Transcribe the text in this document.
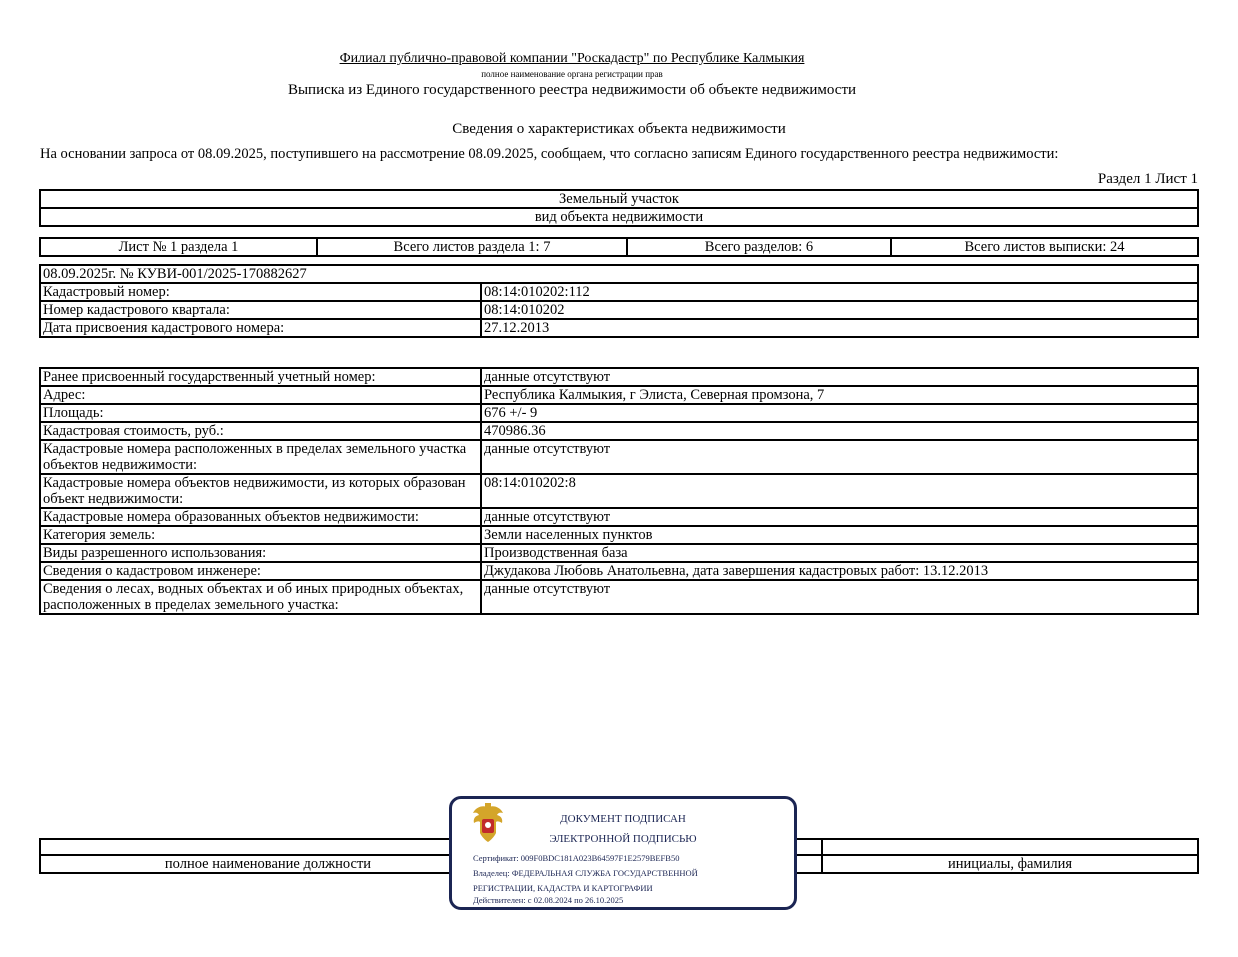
Филиал публично-правовой компании "Роскадастр" по Республике Калмыкия
полное наименование органа регистрации прав
Выписка из Единого государственного реестра недвижимости об объекте недвижимости
Сведения о характеристиках объекта недвижимости
На основании запроса от 08.09.2025, поступившего на рассмотрение 08.09.2025, сообщаем, что согласно записям Единого государственного реестра недвижимости:
Раздел 1 Лист 1
Земельный участок
вид объекта недвижимости
Лист № 1 раздела 1	Всего листов раздела 1: 7	Всего разделов: 6	Всего листов выписки: 24
08.09.2025г. № КУВИ-001/2025-170882627	
Кадастровый номер:	08:14:010202:112
Номер кадастрового квартала:	08:14:010202
Дата присвоения кадастрового номера:	27.12.2013
Ранее присвоенный государственный учетный номер:	данные отсутствуют
Адрес:	Республика Калмыкия, г Элиста, Северная промзона, 7
Площадь:	676 +/- 9
Кадастровая стоимость, руб.:	470986.36
Кадастровые номера расположенных в пределах земельного участка объектов недвижимости:	данные отсутствуют
Кадастровые номера объектов недвижимости, из которых образован объект недвижимости:	08:14:010202:8
Кадастровые номера образованных объектов недвижимости:	данные отсутствуют
Категория земель:	Земли населенных пунктов
Виды разрешенного использования:	Производственная база
Сведения о кадастровом инженере:	Джудакова Любовь Анатольевна, дата завершения кадастровых работ: 13.12.2013
Сведения о лесах, водных объектах и об иных природных объектах, расположенных в пределах земельного участка:	данные отсутствуют

полное наименование должности		инициалы, фамилия
ДОКУМЕНТ ПОДПИСАН
ЭЛЕКТРОННОЙ ПОДПИСЬЮ
Сертификат: 009F0BDC181A023B64597F1E2579BEFB50
Владелец: ФЕДЕРАЛЬНАЯ СЛУЖБА ГОСУДАРСТВЕННОЙ
РЕГИСТРАЦИИ, КАДАСТРА И КАРТОГРАФИИ
Действителен: с 02.08.2024 по 26.10.2025
